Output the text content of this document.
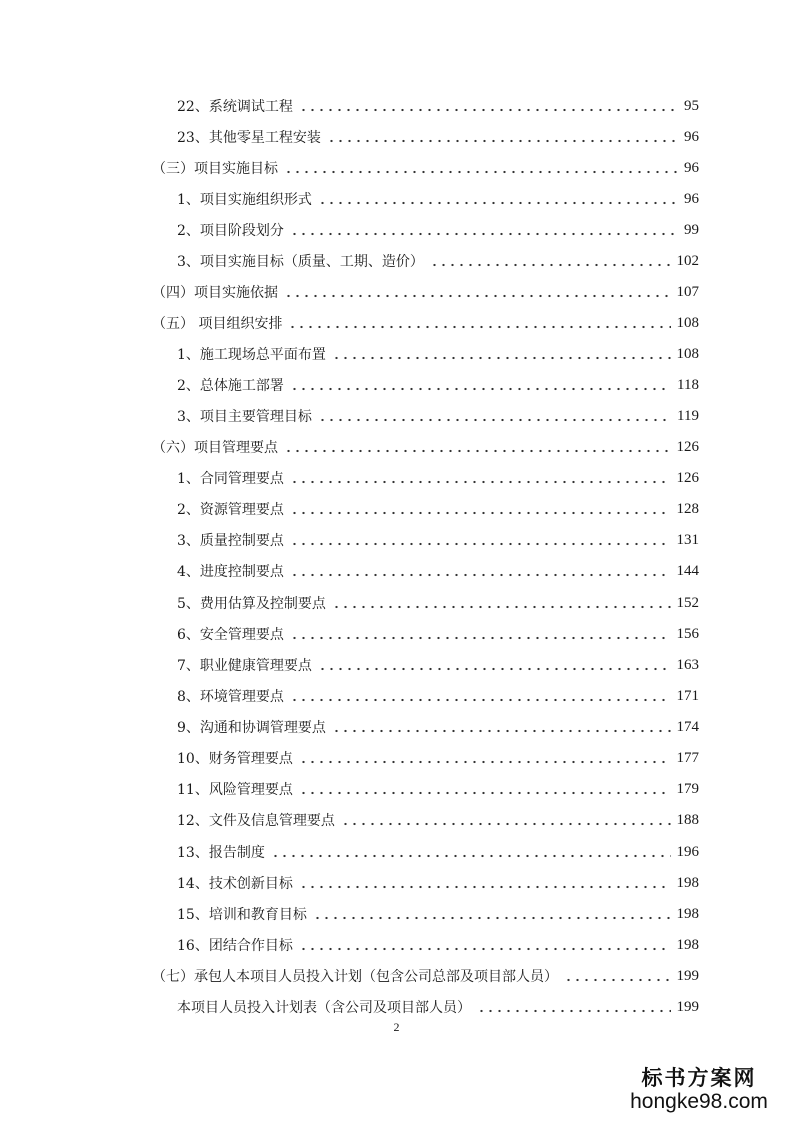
22、系统调试工程	95
23、其他零星工程安装	96
（三）项目实施目标	96
1、项目实施组织形式	96
2、项目阶段划分	99
3、项目实施目标（质量、工期、造价）	102
（四）项目实施依据	107
（五） 项目组织安排	108
1、施工现场总平面布置	108
2、总体施工部署	118
3、项目主要管理目标	119
（六）项目管理要点	126
1、合同管理要点	126
2、资源管理要点	128
3、质量控制要点	131
4、进度控制要点	144
5、费用估算及控制要点	152
6、安全管理要点	156
7、职业健康管理要点	163
8、环境管理要点	171
9、沟通和协调管理要点	174
10、财务管理要点	177
11、风险管理要点	179
12、文件及信息管理要点	188
13、报告制度	196
14、技术创新目标	198
15、培训和教育目标	198
16、团结合作目标	198
（七）承包人本项目人员投入计划（包含公司总部及项目部人员）	199
本项目人员投入计划表（含公司及项目部人员）	199
2
标书方案网
hongke98.com
